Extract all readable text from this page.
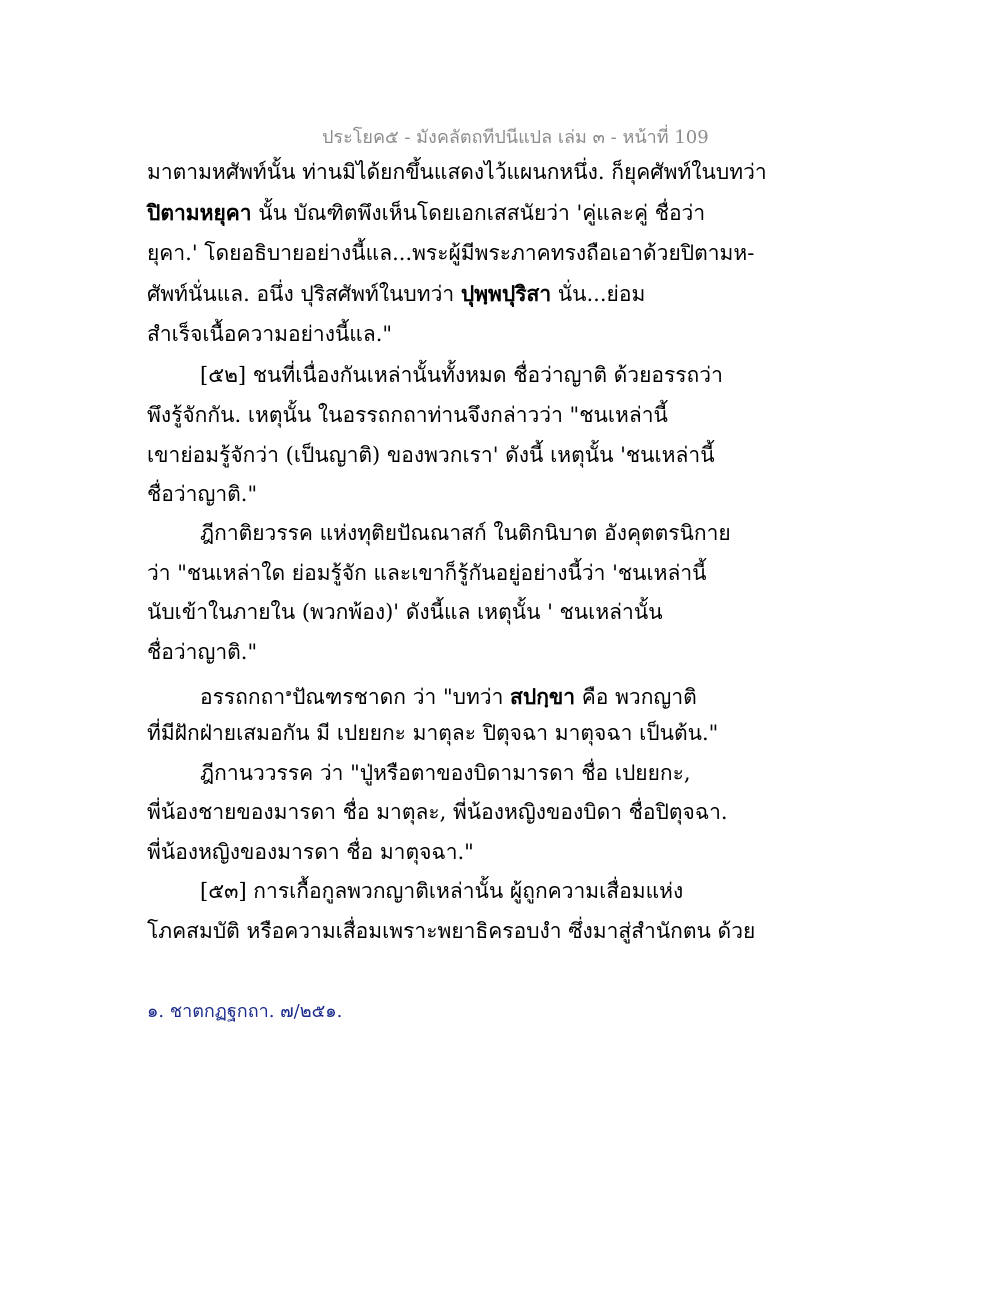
ประโยค๕ - มังคลัตถทีปนีแปล เล่ม ๓ - หน้าที่ 109
มาตามหศัพท์นั้น ท่านมิได้ยกขึ้นแสดงไว้แผนกหนึ่ง. ก็ยุคศัพท์ในบทว่า
ปิตามหยุคา นั้น บัณฑิตพึงเห็นโดยเอกเสสนัยว่า 'คู่และคู่ ชื่อว่า
ยุคา.' โดยอธิบายอย่างนี้แล...พระผู้มีพระภาคทรงถือเอาด้วยปิตามห-
ศัพท์นั่นแล. อนึ่ง ปุริสศัพท์ในบทว่า ปุพฺพปุริสา นั่น...ย่อม
สำเร็จเนื้อความอย่างนี้แล."
[๕๒] ชนที่เนื่องกันเหล่านั้นทั้งหมด ชื่อว่าญาติ ด้วยอรรถว่า
พึงรู้จักกัน. เหตุนั้น ในอรรถกถาท่านจึงกล่าวว่า "ชนเหล่านี้
เขาย่อมรู้จักว่า (เป็นญาติ) ของพวกเรา' ดังนี้ เหตุนั้น 'ชนเหล่านี้
ชื่อว่าญาติ."
ฎีกาติยวรรค แห่งทุติยปัณณาสก์ ในติกนิบาต อังคุตตรนิกาย
ว่า "ชนเหล่าใด ย่อมรู้จัก และเขาก็รู้กันอยู่อย่างนี้ว่า 'ชนเหล่านี้
นับเข้าในภายใน (พวกพ้อง)' ดังนี้แล เหตุนั้น ' ชนเหล่านั้น
ชื่อว่าญาติ."
อรรถกถา$^๑$ปัณฑรชาดก ว่า "บทว่า สปกฺขา คือ พวกญาติ
ที่มีฝักฝ่ายเสมอกัน มี เปยยกะ มาตุละ ปิตุจฉา มาตุจฉา เป็นต้น."
ฎีกานววรรค ว่า "ปู่หรือตาของบิดามารดา ชื่อ เปยยกะ,
พี่น้องชายของมารดา ชื่อ มาตุละ, พี่น้องหญิงของบิดา ชื่อปิตุจฉา.
พี่น้องหญิงของมารดา ชื่อ มาตุจฉา."
[๕๓] การเกื้อกูลพวกญาติเหล่านั้น ผู้ถูกความเสื่อมแห่ง
โภคสมบัติ หรือความเสื่อมเพราะพยาธิครอบงำ ซึ่งมาสู่สำนักตน ด้วย
๑. ชาตกฏฐกถา. ๗/๒๕๑.
